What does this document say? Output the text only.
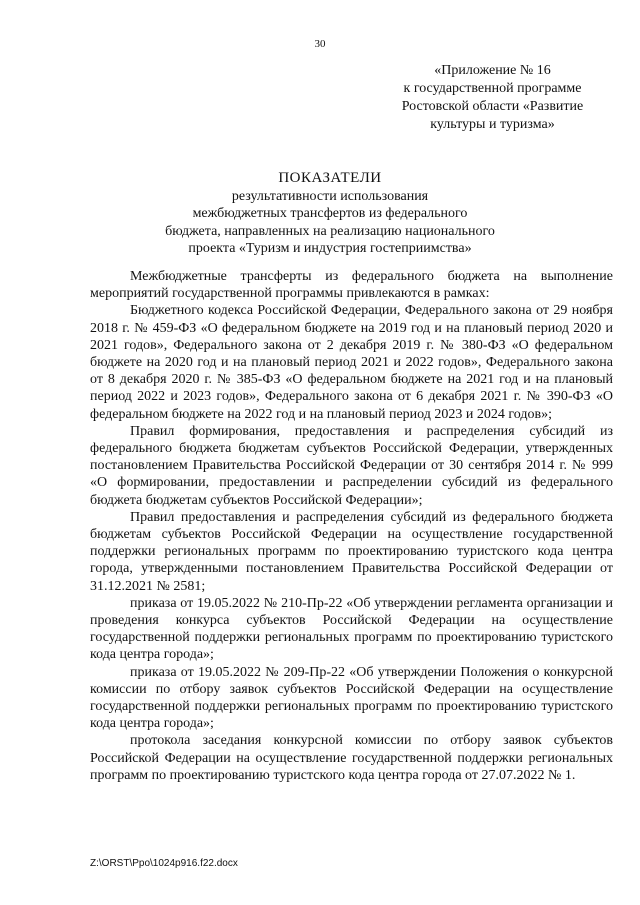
30
«Приложение № 16
к государственной программе
Ростовской области «Развитие
культуры и туризма»
ПОКАЗАТЕЛИ
результативности использования
межбюджетных трансфертов из федерального
бюджета, направленных на реализацию национального
проекта «Туризм и индустрия гостеприимства»

Межбюджетные трансферты из федерального бюджета на выполнение мероприятий государственной программы привлекаются в рамках:

Бюджетного кодекса Российской Федерации, Федерального закона от 29 ноября 2018 г. № 459-ФЗ «О федеральном бюджете на 2019 год и на плановый период 2020 и 2021 годов», Федерального закона от 2 декабря 2019 г. № 380-ФЗ «О федеральном бюджете на 2020 год и на плановый период 2021 и 2022 годов», Федерального закона от 8 декабря 2020 г. № 385-ФЗ «О федеральном бюджете на 2021 год и на плановый период 2022 и 2023 годов», Федерального закона от 6 декабря 2021 г. № 390-ФЗ «О федеральном бюджете на 2022 год и на плановый период 2023 и 2024 годов»;

Правил формирования, предоставления и распределения субсидий из федерального бюджета бюджетам субъектов Российской Федерации, утвержденных постановлением Правительства Российской Федерации от 30 сентября 2014 г. № 999 «О формировании, предоставлении и распределении субсидий из федерального бюджета бюджетам субъектов Российской Федерации»;

Правил предоставления и распределения субсидий из федерального бюджета бюджетам субъектов Российской Федерации на осуществление государственной поддержки региональных программ по проектированию туристского кода центра города, утвержденными постановлением Правительства Российской Федерации от 31.12.2021 № 2581;

приказа от 19.05.2022 № 210-Пр-22 «Об утверждении регламента организации и проведения конкурса субъектов Российской Федерации на осуществление государственной поддержки региональных программ по проектированию туристского кода центра города»;

приказа от 19.05.2022 № 209-Пр-22 «Об утверждении Положения о конкурсной комиссии по отбору заявок субъектов Российской Федерации на осуществление государственной поддержки региональных программ по проектированию туристского кода центра города»;

протокола заседания конкурсной комиссии по отбору заявок субъектов Российской Федерации на осуществление государственной поддержки региональных программ по проектированию туристского кода центра города от 27.07.2022 № 1.

Z:\ORST\Ppo\1024p916.f22.docx
